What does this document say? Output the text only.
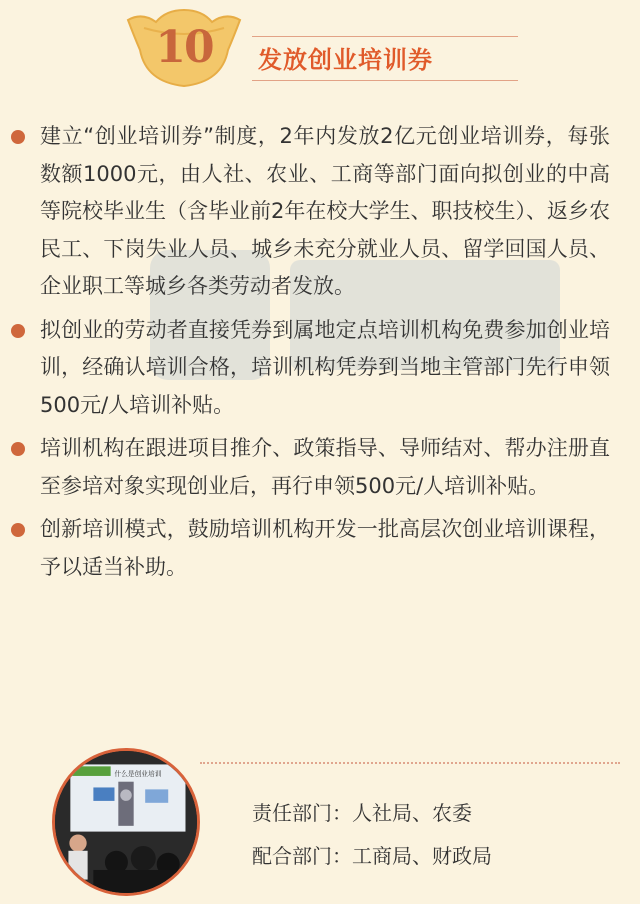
10	发放创业培训券
建立“创业培训券”制度，2年内发放2亿元创业培训券，每张数额1000元，由人社、农业、工商等部门面向拟创业的中高等院校毕业生（含毕业前2年在校大学生、职技校生）、返乡农民工、下岗失业人员、城乡未充分就业人员、留学回国人员、企业职工等城乡各类劳动者发放。
拟创业的劳动者直接凭券到属地定点培训机构免费参加创业培训，经确认培训合格，培训机构凭券到当地主管部门先行申领500元/人培训补贴。
培训机构在跟进项目推介、政策指导、导师结对、帮办注册直至参培对象实现创业后，再行申领500元/人培训补贴。
创新培训模式，鼓励培训机构开发一批高层次创业培训课程，予以适当补助。
什么是创业培训
责任部门：人社局、农委
配合部门：工商局、财政局
